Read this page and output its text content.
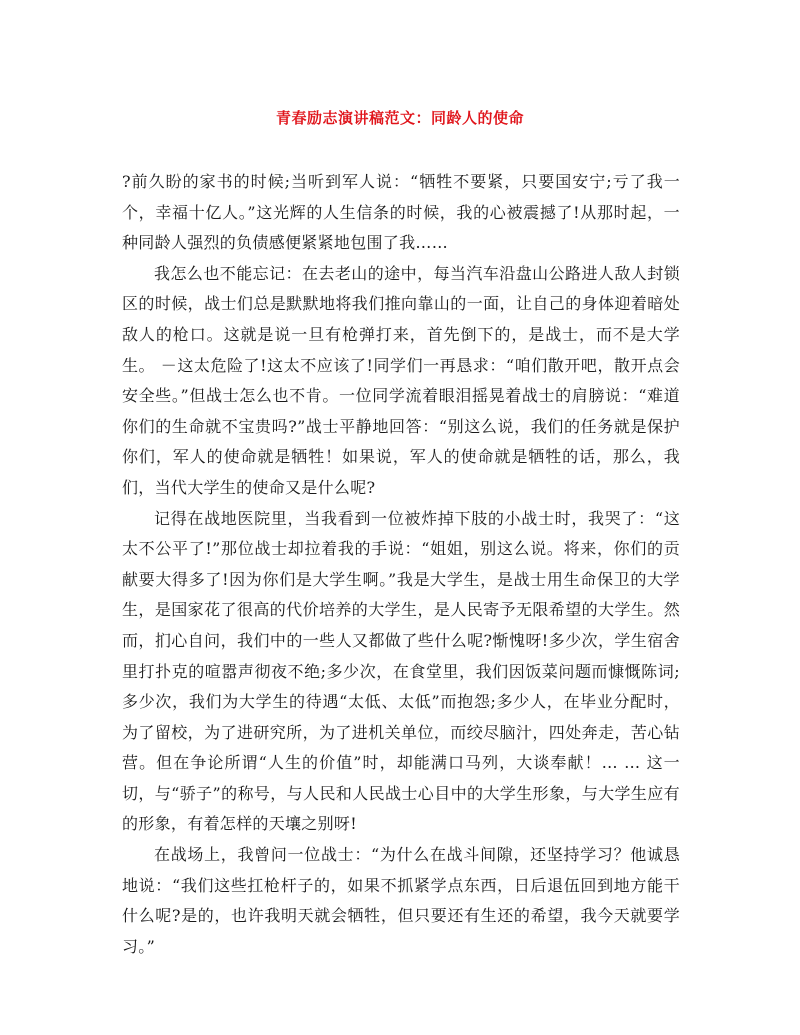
青春励志演讲稿范文：同龄人的使命

?前久盼的家书的时候;当听到军人说：“牺牲不要紧，只要国安宁;亏了我一个，幸福十亿人。”这光辉的人生信条的时候，我的心被震撼了!从那时起，一种同龄人强烈的负债感便紧紧地包围了我……

我怎么也不能忘记：在去老山的途中，每当汽车沿盘山公路进人敌人封锁区的时候，战士们总是默默地将我们推向靠山的一面，让自己的身体迎着暗处敌人的枪口。这就是说一旦有枪弹打来，首先倒下的，是战士，而不是大学生。 －这太危险了!这太不应该了!同学们一再恳求：“咱们散开吧，散开点会安全些。”但战士怎么也不肯。一位同学流着眼泪摇晃着战士的肩膀说：“难道你们的生命就不宝贵吗?”战士平静地回答：“别这么说，我们的任务就是保护你们，军人的使命就是牺牲！如果说，军人的使命就是牺牲的话，那么，我们，当代大学生的使命又是什么呢?

记得在战地医院里，当我看到一位被炸掉下肢的小战士时，我哭了：“这太不公平了!”那位战士却拉着我的手说：“姐姐，别这么说。将来，你们的贡献要大得多了!因为你们是大学生啊。”我是大学生，是战士用生命保卫的大学生，是国家花了很高的代价培养的大学生，是人民寄予无限希望的大学生。然而，扪心自问，我们中的一些人又都做了些什么呢?惭愧呀!多少次，学生宿舍里打扑克的喧嚣声彻夜不绝;多少次，在食堂里，我们因饭菜问题而慷慨陈词;多少次，我们为大学生的待遇“太低、太低”而抱怨;多少人，在毕业分配时，为了留校，为了进研究所，为了进机关单位，而绞尽脑汁，四处奔走，苦心钻营。但在争论所谓“人生的价值”时，却能满口马列，大谈奉献！… … 这一切，与“骄子”的称号，与人民和人民战士心目中的大学生形象，与大学生应有的形象，有着怎样的天壤之别呀!

在战场上，我曾问一位战士：“为什么在战斗间隙，还坚持学习？他诚恳地说：“我们这些扛枪杆子的，如果不抓紧学点东西，日后退伍回到地方能干什么呢?是的，也许我明天就会牺牲，但只要还有生还的希望，我今天就要学习。”
